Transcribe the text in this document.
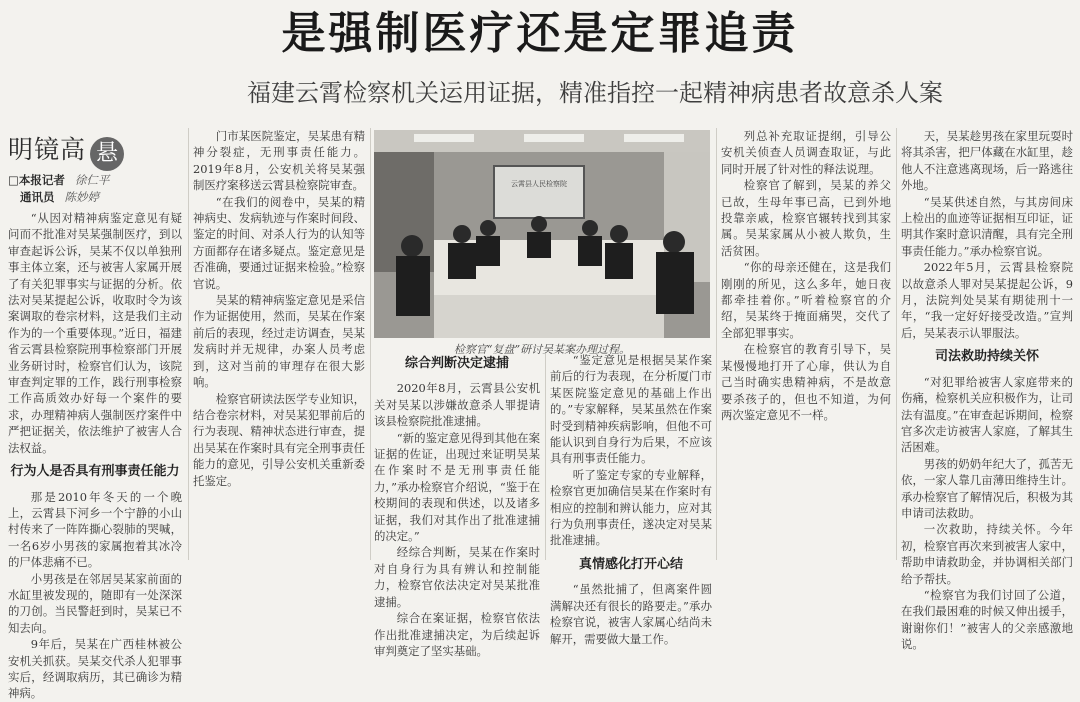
是强制医疗还是定罪追责
福建云霄检察机关运用证据，精准指控一起精神病患者故意杀人案
明镜高 悬
□本报记者 徐仁平
通讯员 陈妙婷

“从因对精神病鉴定意见有疑问而不批准对吴某强制医疗，到以审查起诉公诉，吴某不仅以单独刑事主体立案，还与被害人家属开展了有关犯罪事实与证据的分析。依法对吴某提起公诉，收取时令为该案调取的卷宗材料，这是我们主动作为的一个重要体现。”近日，福建省云霄县检察院刑事检察部门开展业务研讨时，检察官们认为，该院审查判定罪的工作，践行刑事检察工作高质效办好每一个案件的要求，办理精神病人强制医疗案件中严把证据关，依法维护了被害人合法权益。

行为人是否具有刑事责任能力

那是2010年冬天的一个晚上，云霄县下河乡一个宁静的小山村传来了一阵阵撕心裂肺的哭喊，一名6岁小男孩的家属抱着其冰冷的尸体悲痛不已。

小男孩是在邻居吴某家前面的水缸里被发现的，随即有一处深深的刀创。当民警赶到时，吴某已不知去向。

9年后，吴某在广西桂林被公安机关抓获。吴某交代杀人犯罪事实后，经调取病历，其已确诊为精神病。

门市某医院鉴定，吴某患有精神分裂症，无刑事责任能力。2019年8月，公安机关将吴某强制医疗案移送云霄县检察院审查。

“在我们的阅卷中，吴某的精神病史、发病轨迹与作案时间段、鉴定的时间、对杀人行为的认知等方面都存在诸多疑点。鉴定意见是否准确，要通过证据来检验。”检察官说。

吴某的精神病鉴定意见是采信作为证据使用，然而，吴某在作案前后的表现，经过走访调查，吴某发病时并无规律，办案人员考虑到，这对当前的审理存在很大影响。

检察官研读法医学专业知识，结合卷宗材料，对吴某犯罪前后的行为表现、精神状态进行审查，提出吴某在作案时具有完全刑事责任能力的意见，引导公安机关重新委托鉴定。

云霄县人民检察院
检察官“复盘”研讨吴某案办理过程。
综合判断决定逮捕

2020年8月，云霄县公安机关对吴某以涉嫌故意杀人罪提请该县检察院批准逮捕。

“新的鉴定意见得到其他在案证据的佐证，出现过来证明吴某在作案时不是无刑事责任能力，”承办检察官介绍说，“鉴于在校期间的表现和供述，以及诸多证据，我们对其作出了批准逮捕的决定。”

经综合判断，吴某在作案时对自身行为具有辨认和控制能力，检察官依法决定对吴某批准逮捕。

综合在案证据，检察官依法作出批准逮捕决定，为后续起诉审判奠定了坚实基础。

“鉴定意见是根据吴某作案前后的行为表现，在分析厦门市某医院鉴定意见的基础上作出的。”专家解释，吴某虽然在作案时受到精神疾病影响，但他不可能认识到自身行为后果，不应该具有刑事责任能力。

听了鉴定专家的专业解释，检察官更加确信吴某在作案时有相应的控制和辨认能力，应对其行为负刑事责任，遂决定对吴某批准逮捕。

真情感化打开心结

“虽然批捕了，但离案件圆满解决还有很长的路要走。”承办检察官说，被害人家属心结尚未解开，需要做大量工作。

列总补充取证提纲，引导公安机关侦查人员调查取证，与此同时开展了针对性的释法说理。

检察官了解到，吴某的养父已故，生母年事已高，已到外地投靠亲戚，检察官辗转找到其家属。吴某家属从小被人欺负，生活贫困。

“你的母亲还健在，这是我们刚刚的所见，这么多年，她日夜都牵挂着你。”听着检察官的介绍，吴某终于掩面痛哭，交代了全部犯罪事实。

在检察官的教育引导下，吴某慢慢地打开了心扉，供认为自己当时确实患精神病，不是故意要杀孩子的，但也不知道，为何两次鉴定意见不一样。

天，吴某趁男孩在家里玩耍时将其杀害，把尸体藏在水缸里，趁他人不注意逃离现场，后一路逃往外地。

“吴某供述自然，与其房间床上检出的血迹等证据相互印证，证明其作案时意识清醒，具有完全刑事责任能力。”承办检察官说。

2022年5月，云霄县检察院以故意杀人罪对吴某提起公诉，9月，法院判处吴某有期徒刑十一年，“我一定好好接受改造。”宣判后，吴某表示认罪服法。

司法救助持续关怀

“对犯罪给被害人家庭带来的伤痛，检察机关应积极作为，让司法有温度。”在审查起诉期间，检察官多次走访被害人家庭，了解其生活困难。

男孩的奶奶年纪大了，孤苦无依，一家人靠几亩薄田维持生计。承办检察官了解情况后，积极为其申请司法救助。

一次救助，持续关怀。今年初，检察官再次来到被害人家中，帮助申请救助金，并协调相关部门给予帮扶。

“检察官为我们讨回了公道，在我们最困难的时候又伸出援手，谢谢你们！”被害人的父亲感激地说。
